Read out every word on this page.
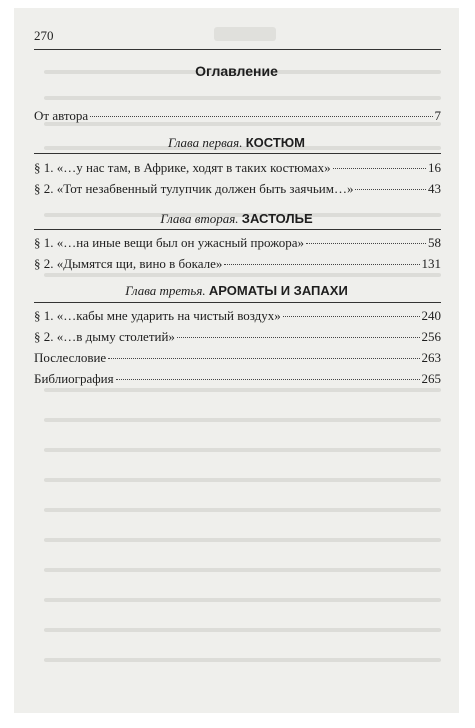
270
Оглавление
От автора	7
Глава первая. КОСТЮМ
§ 1. «…у нас там, в Африке, ходят в таких костюмах»	16
§ 2. «Тот незабвенный тулупчик должен быть заячьим…»	43
Глава вторая. ЗАСТОЛЬЕ
§ 1. «…на иные вещи был он ужасный прожора»	58
§ 2. «Дымятся щи, вино в бокале»	131
Глава третья. АРОМАТЫ И ЗАПАХИ
§ 1. «…кабы мне ударить на чистый воздух»	240
§ 2. «…в дыму столетий»	256
Послесловие	263
Библиография	265
